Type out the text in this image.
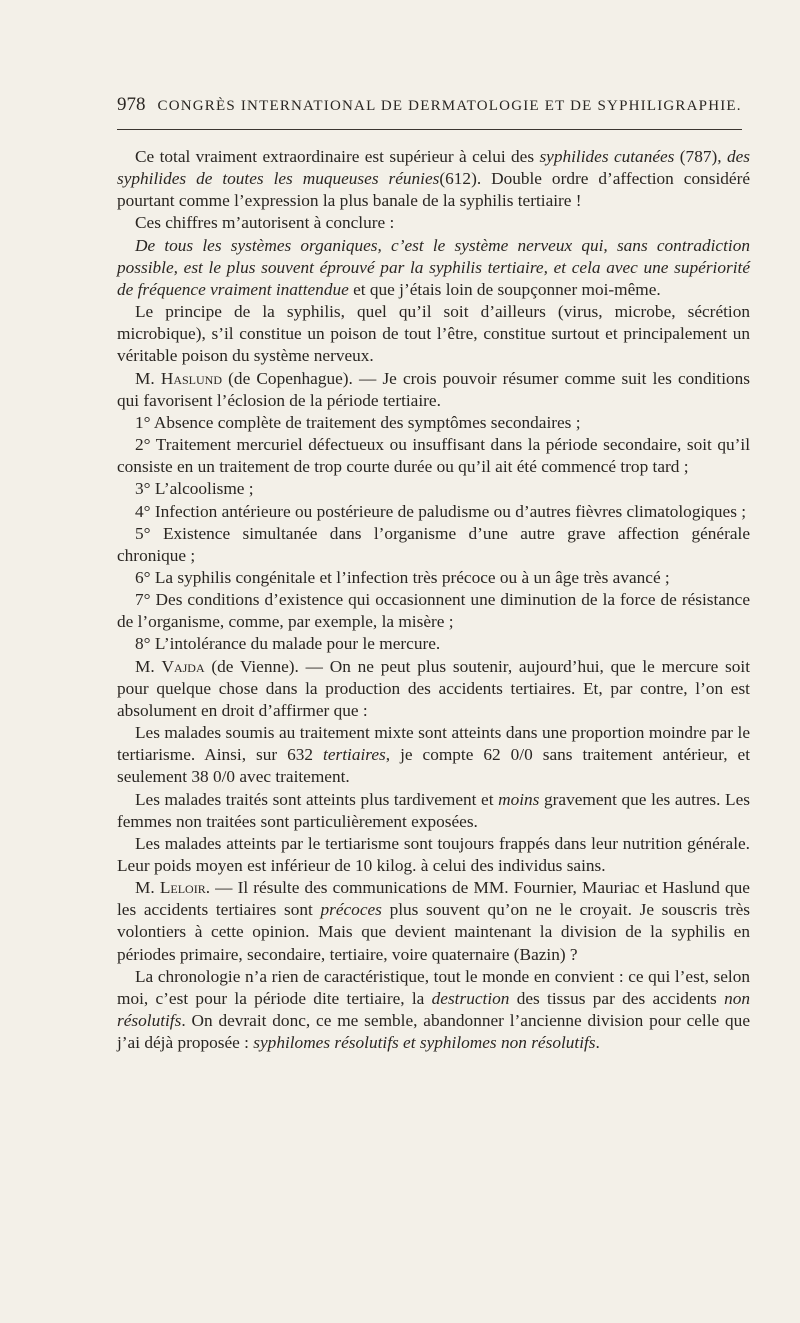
978 CONGRÈS INTERNATIONAL DE DERMATOLOGIE ET DE SYPHILIGRAPHIE.

Ce total vraiment extraordinaire est supérieur à celui des syphilides cutanées (787), des syphilides de toutes les muqueuses réunies(612). Double ordre d’affection considéré pourtant comme l’expression la plus banale de la syphilis tertiaire !

Ces chiffres m’autorisent à conclure :

De tous les systèmes organiques, c’est le système nerveux qui, sans contradiction possible, est le plus souvent éprouvé par la syphilis tertiaire, et cela avec une supériorité de fréquence vraiment inattendue et que j’étais loin de soupçonner moi-même.

Le principe de la syphilis, quel qu’il soit d’ailleurs (virus, microbe, sécrétion microbique), s’il constitue un poison de tout l’être, constitue surtout et principalement un véritable poison du système nerveux.

M. Haslund (de Copenhague). — Je crois pouvoir résumer comme suit les conditions qui favorisent l’éclosion de la période tertiaire.

1° Absence complète de traitement des symptômes secondaires ;

2° Traitement mercuriel défectueux ou insuffisant dans la période secondaire, soit qu’il consiste en un traitement de trop courte durée ou qu’il ait été commencé trop tard ;

3° L’alcoolisme ;

4° Infection antérieure ou postérieure de paludisme ou d’autres fièvres climatologiques ;

5° Existence simultanée dans l’organisme d’une autre grave affection générale chronique ;

6° La syphilis congénitale et l’infection très précoce ou à un âge très avancé ;

7° Des conditions d’existence qui occasionnent une diminution de la force de résistance de l’organisme, comme, par exemple, la misère ;

8° L’intolérance du malade pour le mercure.

M. Vajda (de Vienne). — On ne peut plus soutenir, aujourd’hui, que le mercure soit pour quelque chose dans la production des accidents tertiaires. Et, par contre, l’on est absolument en droit d’affirmer que :

Les malades soumis au traitement mixte sont atteints dans une proportion moindre par le tertiarisme. Ainsi, sur 632 tertiaires, je compte 62 0/0 sans traitement antérieur, et seulement 38 0/0 avec traitement.

Les malades traités sont atteints plus tardivement et moins gravement que les autres. Les femmes non traitées sont particulièrement exposées.

Les malades atteints par le tertiarisme sont toujours frappés dans leur nutrition générale. Leur poids moyen est inférieur de 10 kilog. à celui des individus sains.

M. Leloir. — Il résulte des communications de MM. Fournier, Mauriac et Haslund que les accidents tertiaires sont précoces plus souvent qu’on ne le croyait. Je souscris très volontiers à cette opinion. Mais que devient maintenant la division de la syphilis en périodes primaire, secondaire, tertiaire, voire quaternaire (Bazin) ?

La chronologie n’a rien de caractéristique, tout le monde en convient : ce qui l’est, selon moi, c’est pour la période dite tertiaire, la destruction des tissus par des accidents non résolutifs. On devrait donc, ce me semble, abandonner l’ancienne division pour celle que j’ai déjà proposée : syphilomes résolutifs et syphilomes non résolutifs.
